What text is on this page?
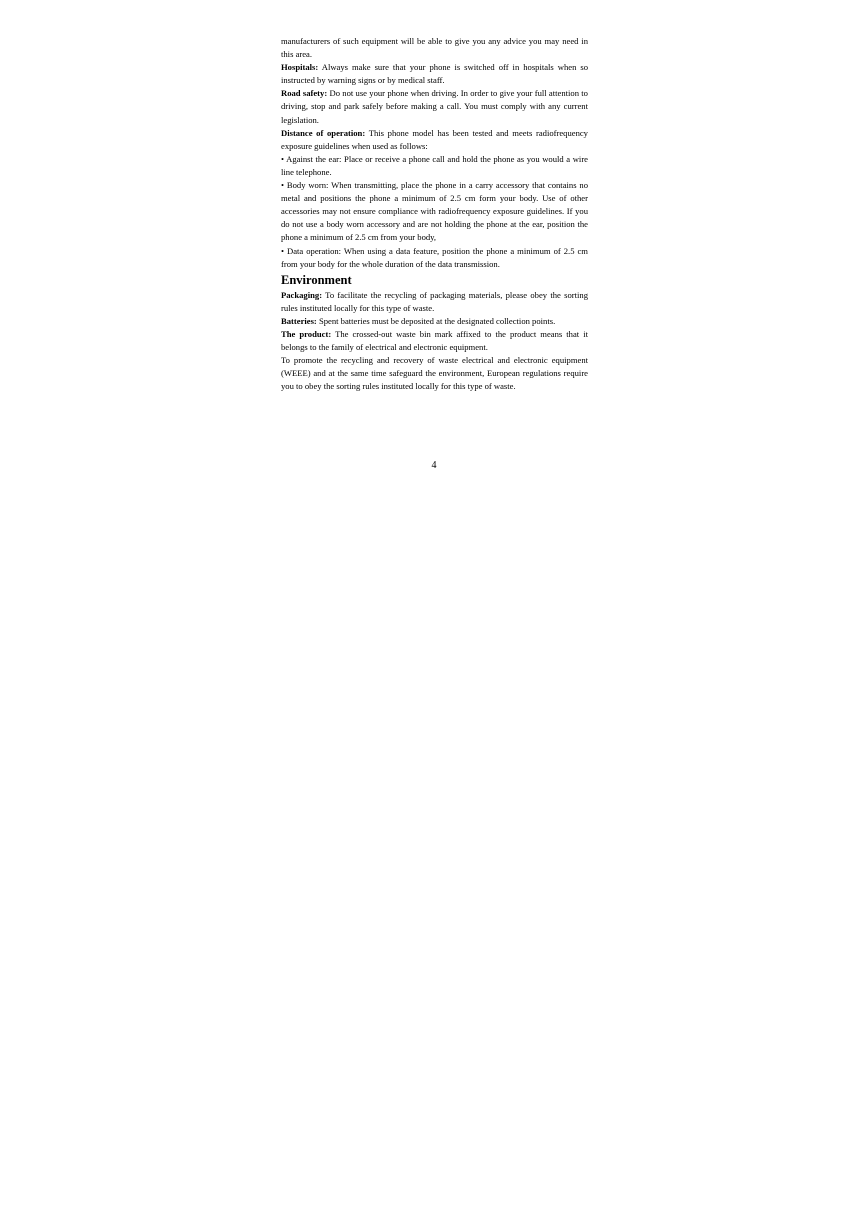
manufacturers of such equipment will be able to give you any advice you may need in this area.

Hospitals: Always make sure that your phone is switched off in hospitals when so instructed by warning signs or by medical staff.

Road safety: Do not use your phone when driving. In order to give your full attention to driving, stop and park safely before making a call. You must comply with any current legislation.

Distance of operation: This phone model has been tested and meets radiofrequency exposure guidelines when used as follows:

• Against the ear: Place or receive a phone call and hold the phone as you would a wire line telephone.

• Body worn: When transmitting, place the phone in a carry accessory that contains no metal and positions the phone a minimum of 2.5 cm form your body. Use of other accessories may not ensure compliance with radiofrequency exposure guidelines. If you do not use a body worn accessory and are not holding the phone at the ear, position the phone a minimum of 2.5 cm from your body,

• Data operation: When using a data feature, position the phone a minimum of 2.5 cm from your body for the whole duration of the data transmission.

Environment

Packaging: To facilitate the recycling of packaging materials, please obey the sorting rules instituted locally for this type of waste.

Batteries: Spent batteries must be deposited at the designated collection points.

The product: The crossed-out waste bin mark affixed to the product means that it belongs to the family of electrical and electronic equipment.

To promote the recycling and recovery of waste electrical and electronic equipment (WEEE) and at the same time safeguard the environment, European regulations require you to obey the sorting rules instituted locally for this type of waste.

4
